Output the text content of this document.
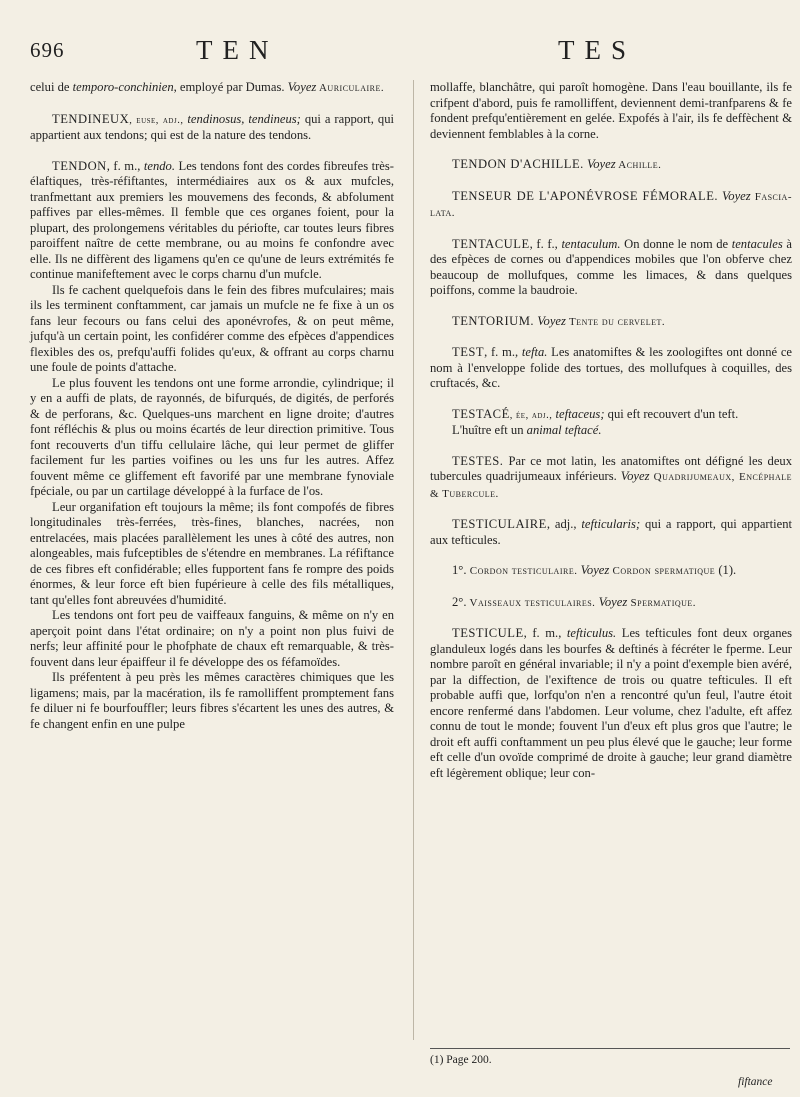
696	TEN	TES

celui de temporo-conchinien, employé par Dumas. Voyez Auriculaire.

TENDINEUX, euse, adj., tendinosus, tendineus; qui a rapport, qui appartient aux tendons; qui est de la nature des tendons.

TENDON, f. m., tendo. Les tendons font des cordes fibreufes très-élaftiques, très-réfiftantes, intermédiaires aux os & aux mufcles, tranfmettant aux premiers les mouvemens des feconds, & abfolument paffives par elles-mêmes. Il femble que ces organes foient, pour la plupart, des prolongemens véritables du périofte, car toutes leurs fibres paroiffent naître de cette membrane, ou au moins fe confondre avec elle. Ils ne diffèrent des ligamens qu'en ce qu'une de leurs extrémités fe continue manifeftement avec le corps charnu d'un mufcle.

Ils fe cachent quelquefois dans le fein des fibres mufculaires; mais ils les terminent conftamment, car jamais un mufcle ne fe fixe à un os fans leur fecours ou fans celui des aponévrofes, & on peut même, jufqu'à un certain point, les confidérer comme des efpèces d'appendices flexibles des os, prefqu'auffi folides qu'eux, & offrant au corps charnu une foule de points d'attache.

Le plus fouvent les tendons ont une forme arrondie, cylindrique; il y en a auffi de plats, de rayonnés, de bifurqués, de digités, de perforés & de perforans, &c. Quelques-uns marchent en ligne droite; d'autres font réfléchis & plus ou moins écartés de leur direction primitive. Tous font recouverts d'un tiffu cellulaire lâche, qui leur permet de gliffer facilement fur les parties voifines ou les uns fur les autres. Affez fouvent même ce gliffement eft favorifé par une membrane fynoviale fpéciale, ou par un cartilage développé à la furface de l'os.

Leur organifation eft toujours la même; ils font compofés de fibres longitudinales très-ferrées, très-fines, blanches, nacrées, non entrelacées, mais placées parallèlement les unes à côté des autres, non alongeables, mais fufceptibles de s'étendre en membranes. La réfiftance de ces fibres eft confidérable; elles fupportent fans fe rompre des poids énormes, & leur force eft bien fupérieure à celle des fils métalliques, tant qu'elles font abreuvées d'humidité.

Les tendons ont fort peu de vaiffeaux fanguins, & même on n'y en aperçoit point dans l'état ordinaire; on n'y a point non plus fuivi de nerfs; leur affinité pour le phofphate de chaux eft remarquable, & très-fouvent dans leur épaiffeur il fe développe des os féfamoïdes.

Ils préfentent à peu près les mêmes caractères chimiques que les ligamens; mais, par la macération, ils fe ramolliffent promptement fans fe diluer ni fe bourfouffler; leurs fibres s'écartent les unes des autres, & fe changent enfin en une pulpe

mollaffe, blanchâtre, qui paroît homogène. Dans l'eau bouillante, ils fe crifpent d'abord, puis fe ramolliffent, deviennent demi-tranfparens & fe fondent prefqu'entièrement en gelée. Expofés à l'air, ils fe deffèchent & deviennent femblables à la corne.

TENDON D'ACHILLE. Voyez Achille.

TENSEUR DE L'APONÉVROSE FÉMORALE. Voyez Fascia-lata.

TENTACULE, f. f., tentaculum. On donne le nom de tentacules à des efpèces de cornes ou d'appendices mobiles que l'on obferve chez beaucoup de mollufques, comme les limaces, & dans quelques poiffons, comme la baudroie.

TENTORIUM. Voyez Tente du cervelet.

TEST, f. m., tefta. Les anatomiftes & les zoologiftes ont donné ce nom à l'enveloppe folide des tortues, des mollufques à coquilles, des cruftacés, &c.

TESTACÉ, ée, adj., teftaceus; qui eft recouvert d'un teft.

L'huître eft un animal teftacé.

TESTES. Par ce mot latin, les anatomiftes ont défigné les deux tubercules quadrijumeaux inférieurs. Voyez Quadrijumeaux, Encéphale & Tubercule.

TESTICULAIRE, adj., tefticularis; qui a rapport, qui appartient aux tefticules.

1°. Cordon testiculaire. Voyez Cordon spermatique (1).

2°. Vaisseaux testiculaires. Voyez Spermatique.

TESTICULE, f. m., tefticulus. Les tefticules font deux organes glanduleux logés dans les bourfes & deftinés à fécréter le fperme. Leur nombre paroît en général invariable; il n'y a point d'exemple bien avéré, par la diffection, de l'exiftence de trois ou quatre tefticules. Il eft probable auffi que, lorfqu'on n'en a rencontré qu'un feul, l'autre étoit encore renfermé dans l'abdomen. Leur volume, chez l'adulte, eft affez connu de tout le monde; fouvent l'un d'eux eft plus gros que l'autre; le droit eft auffi conftamment un peu plus élevé que le gauche; leur forme eft celle d'un ovoïde comprimé de droite à gauche; leur grand diamètre eft légèrement oblique; leur con-

(1) Page 200.
fiftance
